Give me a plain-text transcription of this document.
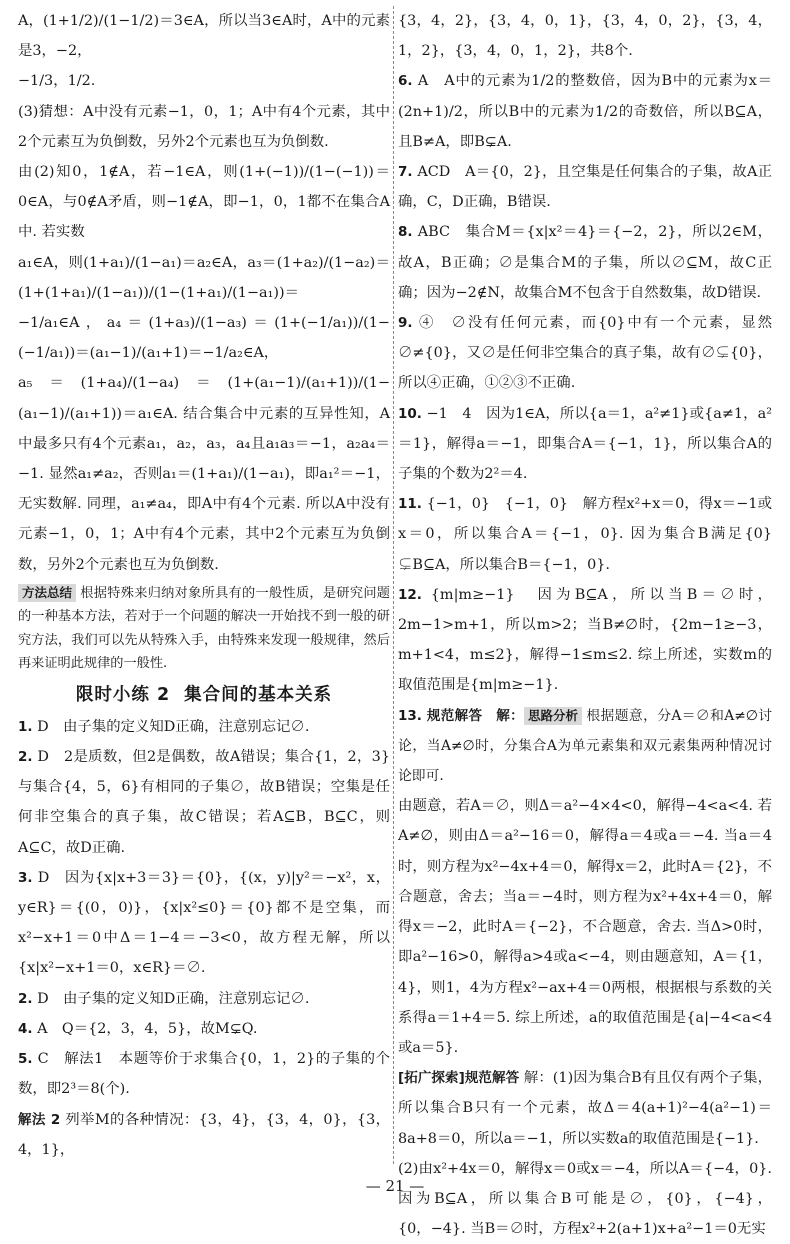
A，(1+1/2)/(1−1/2)＝3∈A，所以当3∈A时，A中的元素是3，−2，

−1/3，1/2.

(3)猜想：A中没有元素−1，0，1；A中有4个元素，其中2个元素互为负倒数，另外2个元素也互为负倒数.

由(2)知0，1∉A，若−1∈A，则(1+(−1))/(1−(−1))＝0∈A，与0∉A矛盾，则−1∉A，即−1，0，1都不在集合A中. 若实数

a₁∈A，则(1+a₁)/(1−a₁)＝a₂∈A，a₃＝(1+a₂)/(1−a₂)＝(1+(1+a₁)/(1−a₁))/(1−(1+a₁)/(1−a₁))＝

−1/a₁∈A，a₄＝(1+a₃)/(1−a₃)＝(1+(−1/a₁))/(1−(−1/a₁))＝(a₁−1)/(a₁+1)＝−1/a₂∈A，

a₅＝(1+a₄)/(1−a₄)＝(1+(a₁−1)/(a₁+1))/(1−(a₁−1)/(a₁+1))＝a₁∈A. 结合集合中元素的互异性知，A中最多只有4个元素a₁，a₂，a₃，a₄且a₁a₃＝−1，a₂a₄＝−1. 显然a₁≠a₂，否则a₁＝(1+a₁)/(1−a₁)，即a₁²＝−1，无实数解. 同理，a₁≠a₄，即A中有4个元素. 所以A中没有元素−1，0，1；A中有4个元素，其中2个元素互为负倒数，另外2个元素也互为负倒数.

方法总结 根据特殊来归纳对象所具有的一般性质，是研究问题的一种基本方法，若对于一个问题的解决一开始找不到一般的研究方法，我们可以先从特殊入手，由特殊来发现一般规律，然后再来证明此规律的一般性.

限时小练 2 集合间的基本关系

1. D　由子集的定义知D正确，注意别忘记∅.

2. D　2是质数，但2是偶数，故A错误；集合{1，2，3}与集合{4，5，6}有相同的子集∅，故B错误；空集是任何非空集合的真子集，故C错误；若A⊆B，B⊆C，则A⊆C，故D正确.

3. D　因为{x|x+3＝3}＝{0}，{(x，y)|y²＝−x²，x，y∈R}＝{(0，0)}，{x|x²≤0}＝{0}都不是空集，而x²−x+1＝0中Δ＝1−4＝−3<0，故方程无解，所以{x|x²−x+1＝0，x∈R}＝∅.

2. D　由子集的定义知D正确，注意别忘记∅.

4. A　Q＝{2，3，4，5}，故M⊊Q.

5. C　解法1　本题等价于求集合{0，1，2}的子集的个数，即2³＝8(个).

解法 2 列举M的各种情况：{3，4}，{3，4，0}，{3，4，1}，

{3，4，2}，{3，4，0，1}，{3，4，0，2}，{3，4，1，2}，{3，4，0，1，2}，共8个.

6. A　A中的元素为1/2的整数倍，因为B中的元素为x＝(2n+1)/2，所以B中的元素为1/2的奇数倍，所以B⊆A，且B≠A，即B⊊A.

7. ACD　A＝{0，2}，且空集是任何集合的子集，故A正确，C，D正确，B错误.

8. ABC　集合M＝{x|x²＝4}＝{−2，2}，所以2∈M，故A，B正确；∅是集合M的子集，所以∅⊆M，故C正确；因为−2∉N，故集合M不包含于自然数集，故D错误.

9. ④　∅没有任何元素，而{0}中有一个元素，显然∅≠{0}，又∅是任何非空集合的真子集，故有∅⊊{0}，所以④正确，①②③不正确.

10. −1　4　因为1∈A，所以{a＝1，a²≠1}或{a≠1，a²＝1}，解得a＝−1，即集合A＝{−1，1}，所以集合A的子集的个数为2²＝4.

11. {−1，0}　{−1，0}　解方程x²+x＝0，得x＝−1或x＝0，所以集合A＝{−1，0}. 因为集合B满足{0}⊊B⊆A，所以集合B＝{−1，0}.

12. {m|m≥−1}　因为B⊆A，所以当B＝∅时，2m−1>m+1，所以m>2；当B≠∅时，{2m−1≥−3，m+1<4，m≤2}，解得−1≤m≤2. 综上所述，实数m的取值范围是{m|m≥−1}.

13. 规范解答　解： 思路分析 根据题意，分A＝∅和A≠∅讨论，当A≠∅时，分集合A为单元素集和双元素集两种情况讨论即可.

由题意，若A＝∅，则Δ＝a²−4×4<0，解得−4<a<4. 若A≠∅，则由Δ＝a²−16＝0，解得a＝4或a＝−4. 当a＝4时，则方程为x²−4x+4＝0，解得x＝2，此时A＝{2}，不合题意，舍去；当a＝−4时，则方程为x²+4x+4＝0，解得x＝−2，此时A＝{−2}，不合题意，舍去. 当Δ>0时，即a²−16>0，解得a>4或a<−4，则由题意知，A＝{1，4}，则1，4为方程x²−ax+4＝0两根，根据根与系数的关系得a＝1+4＝5. 综上所述，a的取值范围是{a|−4<a<4或a＝5}.

[拓广探索]规范解答 解：(1)因为集合B有且仅有两个子集，所以集合B只有一个元素，故Δ＝4(a+1)²−4(a²−1)＝8a+8＝0，所以a＝−1，所以实数a的取值范围是{−1}.

(2)由x²+4x＝0，解得x＝0或x＝−4，所以A＝{−4，0}. 因为B⊆A，所以集合B可能是∅，{0}，{−4}，{0，−4}. 当B＝∅时，方程x²+2(a+1)x+a²−1＝0无实

— 21 —
